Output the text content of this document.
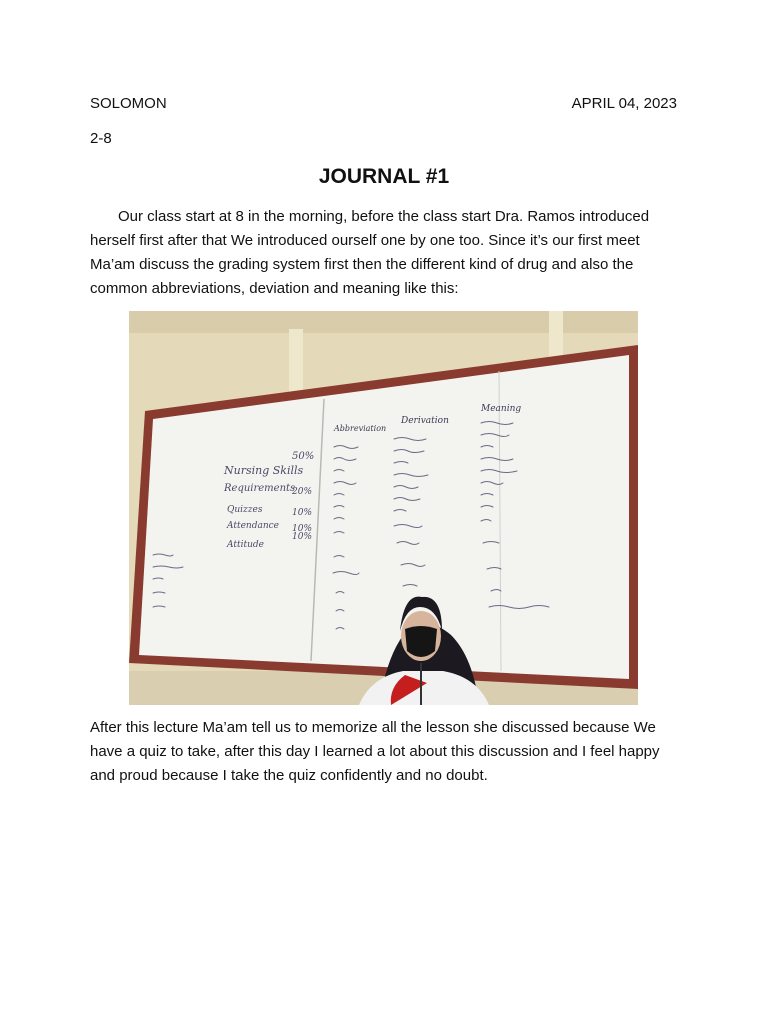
SOLOMON	APRIL 04, 2023
2-8
JOURNAL #1
Our class start at 8 in the morning, before the class start Dra. Ramos introduced herself first after that We introduced ourself one by one too. Since it’s our first meet Ma’am discuss the grading system first then the different kind of drug and also the common abbreviations, deviation and meaning like this:
Abbreviation
Derivation
Meaning
Nursing Skills
Requirements
Quizzes
Attendance
Attitude
50%
20%
10%
10%
10%
After this lecture Ma’am tell us to memorize all the lesson she discussed because We have a quiz to take, after this day I learned a lot about this discussion and I feel happy and proud because I take the quiz confidently and no doubt.
